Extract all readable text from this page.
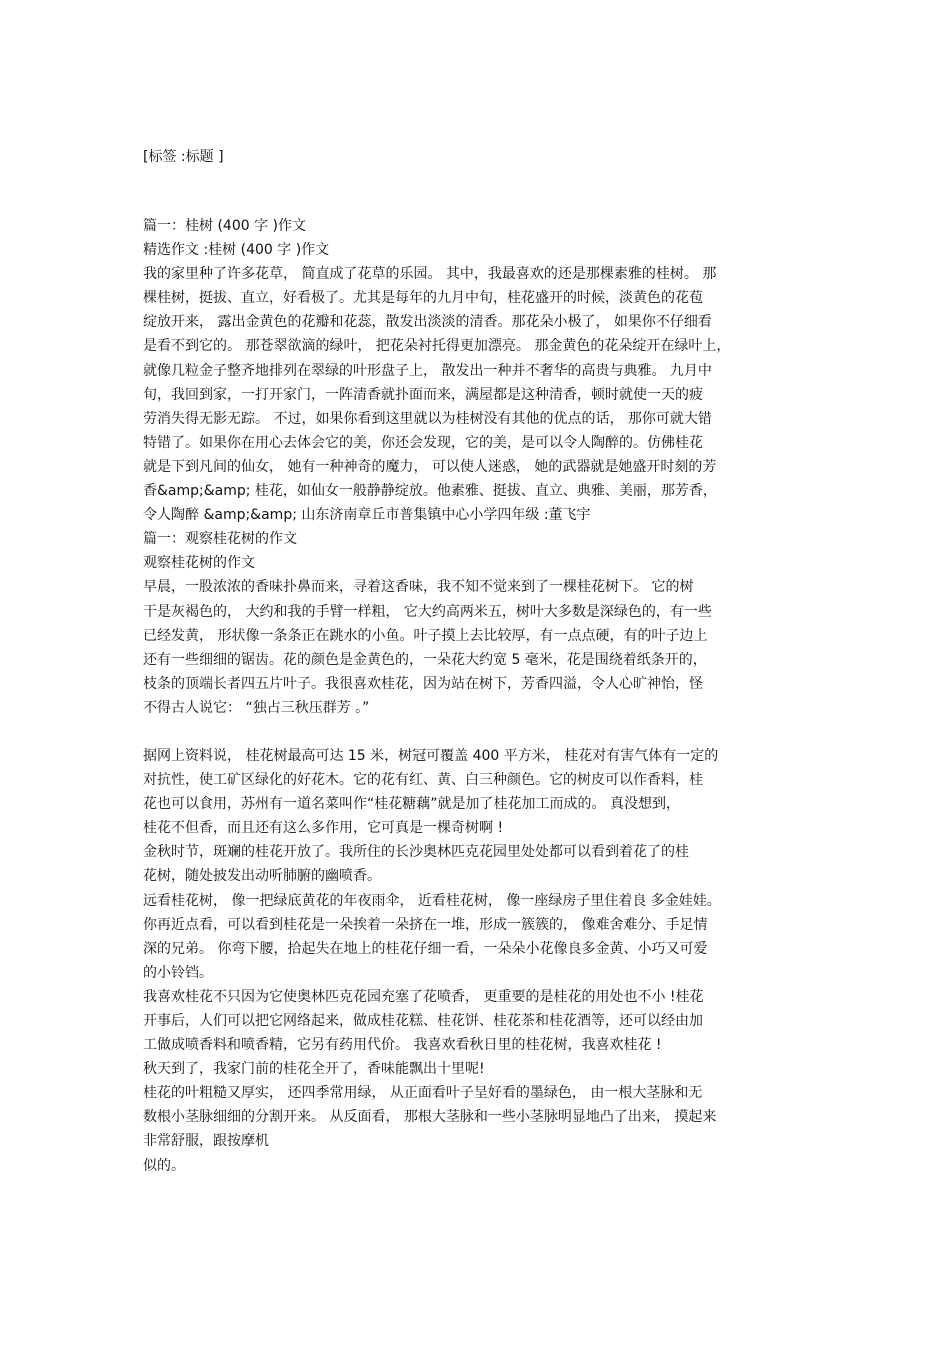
[标签 :标题 ]
篇一：桂树 (400 字 )作文
精选作文 :桂树 (400 字 )作文
我的家里种了许多花草， 简直成了花草的乐园。 其中，我最喜欢的还是那棵素雅的桂树。 那
棵桂树，挺拔、直立，好看极了。尤其是每年的九月中旬，桂花盛开的时候，淡黄色的花苞
绽放开来， 露出金黄色的花瓣和花蕊，散发出淡淡的清香。那花朵小极了， 如果你不仔细看
是看不到它的。 那苍翠欲滴的绿叶， 把花朵衬托得更加漂亮。 那金黄色的花朵绽开在绿叶上，
就像几粒金子整齐地排列在翠绿的叶形盘子上， 散发出一种并不奢华的高贵与典雅。 九月中
旬，我回到家，一打开家门，一阵清香就扑面而来，满屋都是这种清香，顿时就使一天的疲
劳消失得无影无踪。 不过，如果你看到这里就以为桂树没有其他的优点的话， 那你可就大错
特错了。如果你在用心去体会它的美，你还会发现，它的美，是可以令人陶醉的。仿佛桂花
就是下到凡间的仙女， 她有一种神奇的魔力， 可以使人迷惑， 她的武器就是她盛开时刻的芳
香&amp;&amp; 桂花，如仙女一般静静绽放。他素雅、挺拔、直立、典雅、美丽，那芳香，
令人陶醉 &amp;&amp; 山东济南章丘市普集镇中心小学四年级 :董飞宇
篇一：观察桂花树的作文
观察桂花树的作文
早晨，一股浓浓的香味扑鼻而来，寻着这香味，我不知不觉来到了一棵桂花树下。 它的树
干是灰褐色的， 大约和我的手臂一样粗， 它大约高两米五，树叶大多数是深绿色的，有一些
已经发黄， 形状像一条条正在跳水的小鱼。叶子摸上去比较厚，有一点点硬，有的叶子边上
还有一些细细的锯齿。花的颜色是金黄色的，一朵花大约宽 5 毫米，花是围绕着纸条开的，
枝条的顶端长者四五片叶子。我很喜欢桂花，因为站在树下，芳香四溢，令人心旷神怡，怪
不得古人说它： “独占三秋压群芳 。”
据网上资料说， 桂花树最高可达 15 米，树冠可覆盖 400 平方米， 桂花对有害气体有一定的
对抗性，使工矿区绿化的好花木。它的花有红、黄、白三种颜色。它的树皮可以作香料，桂
花也可以食用，苏州有一道名菜叫作“桂花糖藕”就是加了桂花加工而成的。 真没想到，
桂花不但香，而且还有这么多作用，它可真是一棵奇树啊 !
金秋时节，斑斓的桂花开放了。我所住的长沙奥林匹克花园里处处都可以看到着花了的桂
花树，随处披发出动听肺腑的幽喷香。
远看桂花树， 像一把绿底黄花的年夜雨伞， 近看桂花树， 像一座绿房子里住着良 多金娃娃。
你再近点看，可以看到桂花是一朵挨着一朵挤在一堆，形成一簇簇的， 像难舍难分、手足情
深的兄弟。 你弯下腰，拾起失在地上的桂花仔细一看，一朵朵小花像良多金黄、小巧又可爱
的小铃铛。
我喜欢桂花不只因为它使奥林匹克花园充塞了花喷香， 更重要的是桂花的用处也不小 !桂花
开事后，人们可以把它网络起来，做成桂花糕、桂花饼、桂花茶和桂花酒等，还可以经由加
工做成喷香料和喷香精，它另有药用代价。 我喜欢看秋日里的桂花树，我喜欢桂花 !
秋天到了，我家门前的桂花全开了，香味能飘出十里呢!
桂花的叶粗糙又厚实， 还四季常用绿， 从正面看叶子呈好看的墨绿色， 由一根大茎脉和无
数根小茎脉细细的分割开来。 从反面看， 那根大茎脉和一些小茎脉明显地凸了出来， 摸起来
非常舒服，跟按摩机
似的。
